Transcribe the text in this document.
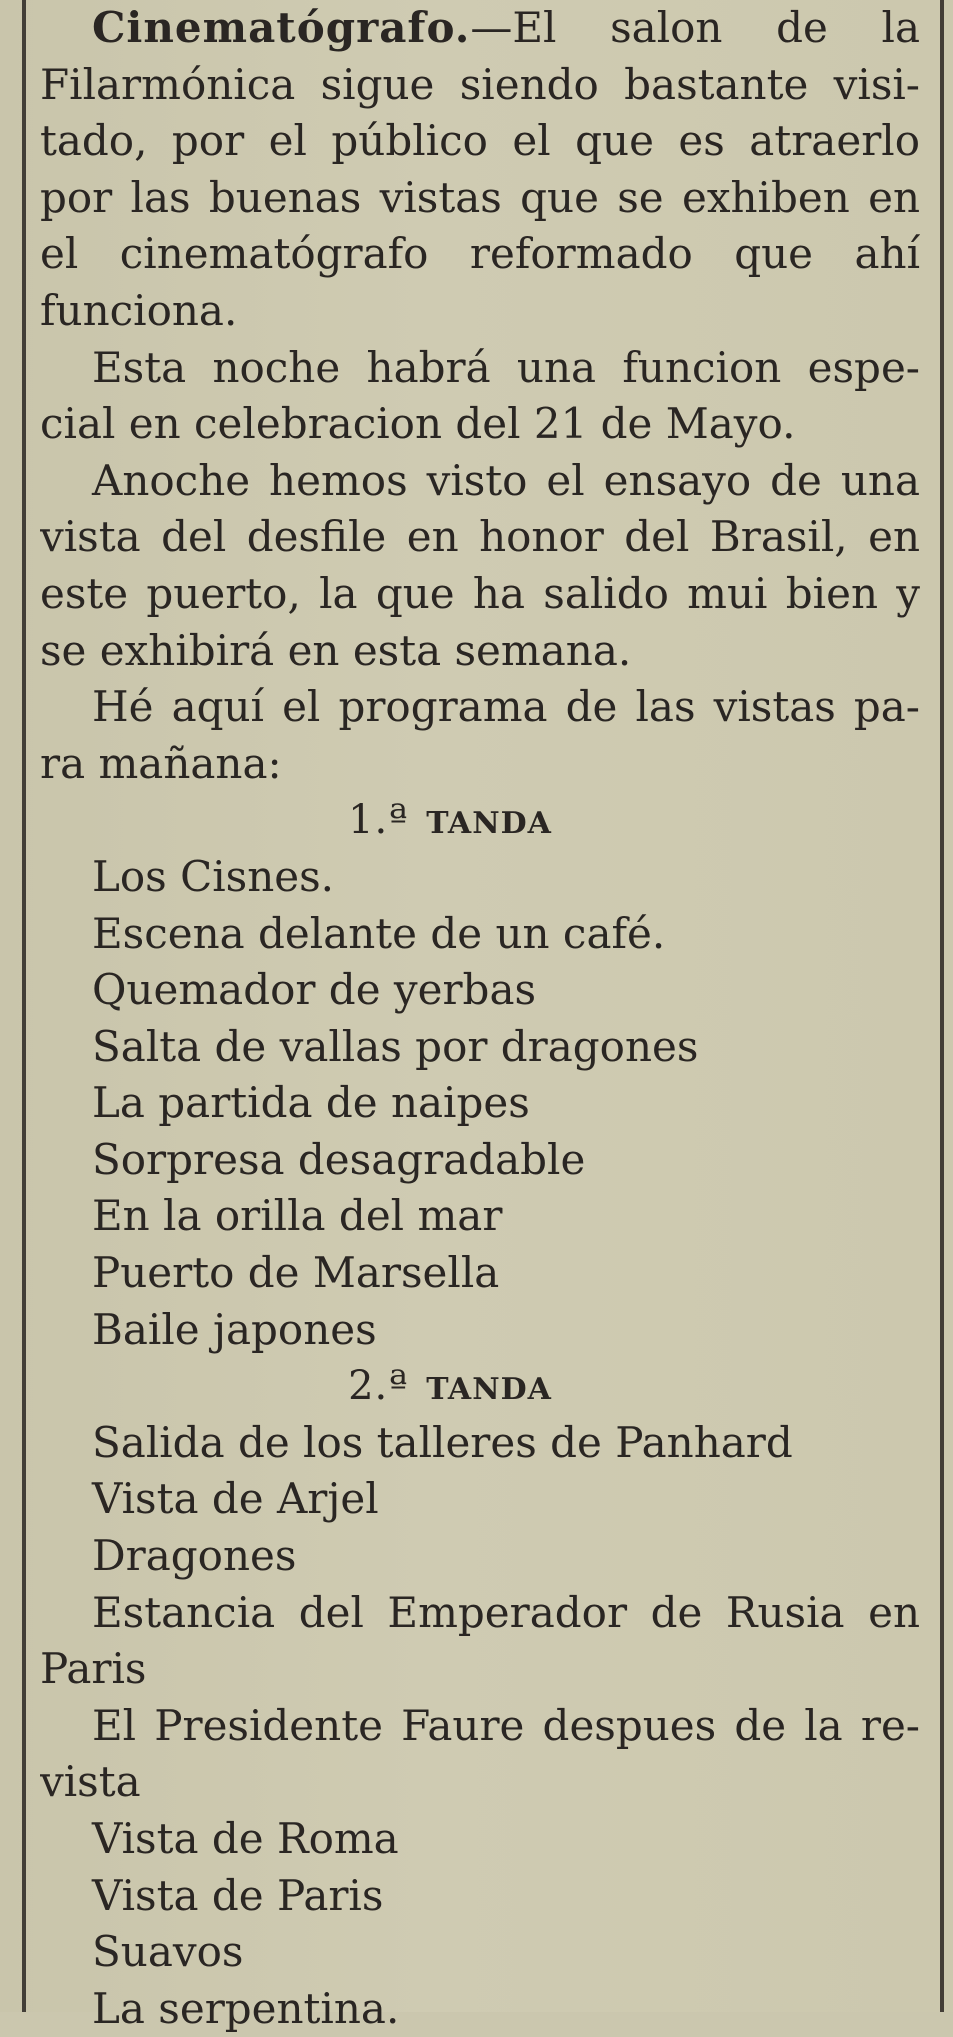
Cinematógrafo.—El salon de la
Filarmónica sigue siendo bastante visi-
tado, por el público el que es atraerlo
por las buenas vistas que se exhiben en
el cinematógrafo reformado que ahí
funciona.
Esta noche habrá una funcion espe-
cial en celebracion del 21 de Mayo.
Anoche hemos visto el ensayo de una
vista del desfile en honor del Brasil, en
este puerto, la que ha salido mui bien y
se exhibirá en esta semana.
Hé aquí el programa de las vistas pa-
ra mañana:
1.ª TANDA
Los Cisnes.
Escena delante de un café.
Quemador de yerbas
Salta de vallas por dragones
La partida de naipes
Sorpresa desagradable
En la orilla del mar
Puerto de Marsella
Baile japones
2.ª TANDA
Salida de los talleres de Panhard
Vista de Arjel
Dragones
Estancia del Emperador de Rusia en
Paris
El Presidente Faure despues de la re-
vista
Vista de Roma
Vista de Paris
Suavos
La serpentina.
